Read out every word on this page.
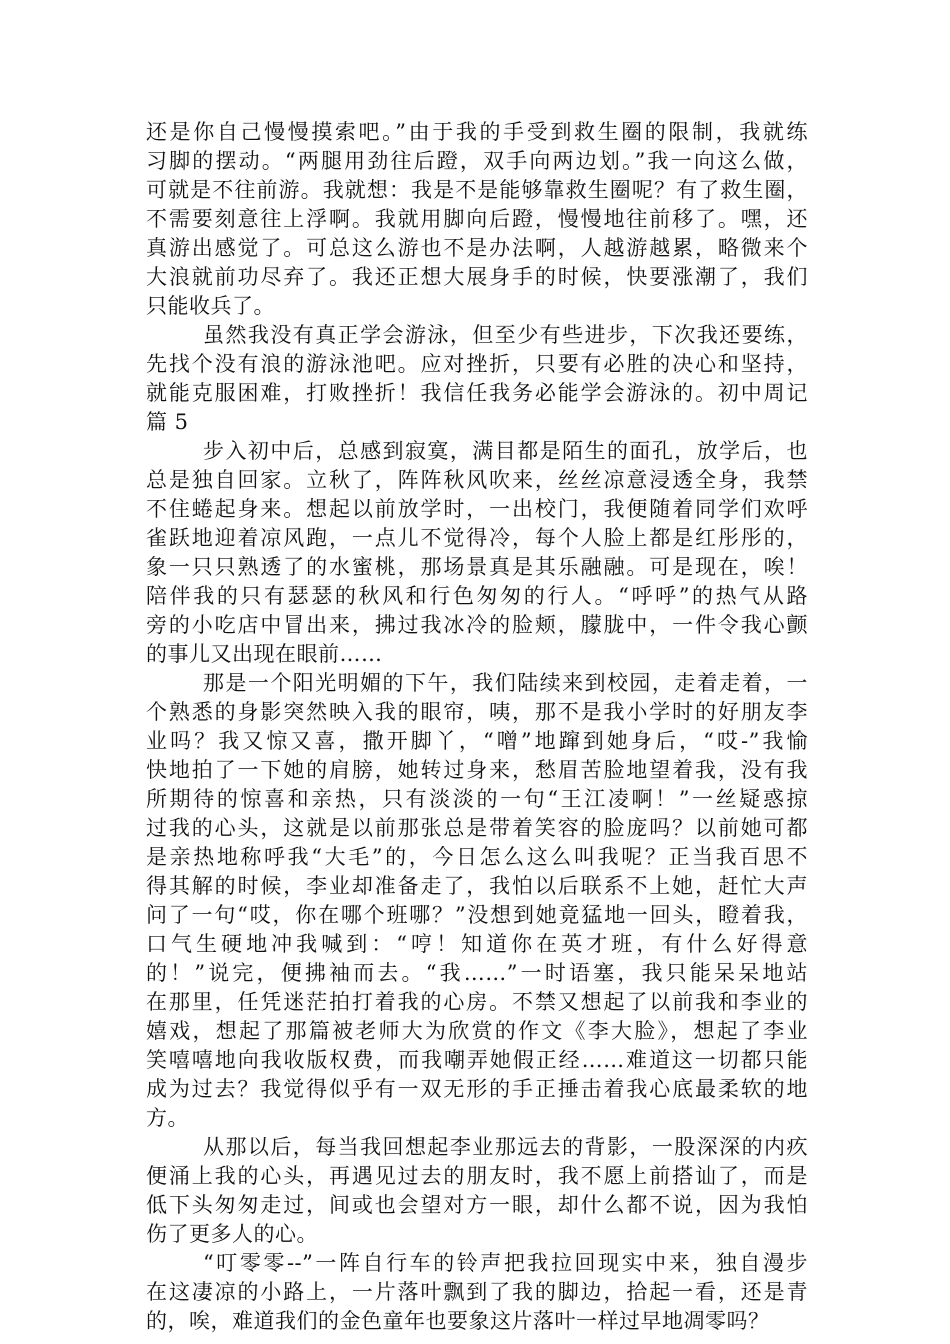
还是你自己慢慢摸索吧。”由于我的手受到救生圈的限制，我就练
习脚的摆动。“两腿用劲往后蹬，双手向两边划。”我一向这么做，
可就是不往前游。我就想：我是不是能够靠救生圈呢？有了救生圈，
不需要刻意往上浮啊。我就用脚向后蹬，慢慢地往前移了。嘿，还
真游出感觉了。可总这么游也不是办法啊，人越游越累，略微来个
大浪就前功尽弃了。我还正想大展身手的时候，快要涨潮了，我们
只能收兵了。
虽然我没有真正学会游泳，但至少有些进步，下次我还要练，
先找个没有浪的游泳池吧。应对挫折，只要有必胜的决心和坚持，
就能克服困难，打败挫折！我信任我务必能学会游泳的。初中周记
篇 5
步入初中后，总感到寂寞，满目都是陌生的面孔，放学后，也
总是独自回家。立秋了，阵阵秋风吹来，丝丝凉意浸透全身，我禁
不住蜷起身来。想起以前放学时，一出校门，我便随着同学们欢呼
雀跃地迎着凉风跑，一点儿不觉得冷，每个人脸上都是红彤彤的，
象一只只熟透了的水蜜桃，那场景真是其乐融融。可是现在，唉！
陪伴我的只有瑟瑟的秋风和行色匆匆的行人。“呼呼”的热气从路
旁的小吃店中冒出来，拂过我冰冷的脸颊，朦胧中，一件令我心颤
的事儿又出现在眼前……
那是一个阳光明媚的下午，我们陆续来到校园，走着走着，一
个熟悉的身影突然映入我的眼帘，咦，那不是我小学时的好朋友李
业吗？我又惊又喜，撒开脚丫，“噌”地蹿到她身后，“哎-”我愉
快地拍了一下她的肩膀，她转过身来，愁眉苦脸地望着我，没有我
所期待的惊喜和亲热，只有淡淡的一句“王江凌啊！”一丝疑惑掠
过我的心头，这就是以前那张总是带着笑容的脸庞吗？以前她可都
是亲热地称呼我“大毛”的，今日怎么这么叫我呢？正当我百思不
得其解的时候，李业却准备走了，我怕以后联系不上她，赶忙大声
问了一句“哎，你在哪个班哪？”没想到她竟猛地一回头，瞪着我，
口气生硬地冲我喊到：“哼！知道你在英才班，有什么好得意
的！”说完，便拂袖而去。“我……”一时语塞，我只能呆呆地站
在那里，任凭迷茫拍打着我的心房。不禁又想起了以前我和李业的
嬉戏，想起了那篇被老师大为欣赏的作文《李大脸》，想起了李业
笑嘻嘻地向我收版权费，而我嘲弄她假正经……难道这一切都只能
成为过去？我觉得似乎有一双无形的手正捶击着我心底最柔软的地
方。
从那以后，每当我回想起李业那远去的背影，一股深深的内疚
便涌上我的心头，再遇见过去的朋友时，我不愿上前搭讪了，而是
低下头匆匆走过，间或也会望对方一眼，却什么都不说，因为我怕
伤了更多人的心。
“叮零零--”一阵自行车的铃声把我拉回现实中来，独自漫步
在这凄凉的小路上，一片落叶飘到了我的脚边，拾起一看，还是青
的，唉，难道我们的金色童年也要象这片落叶一样过早地凋零吗？
